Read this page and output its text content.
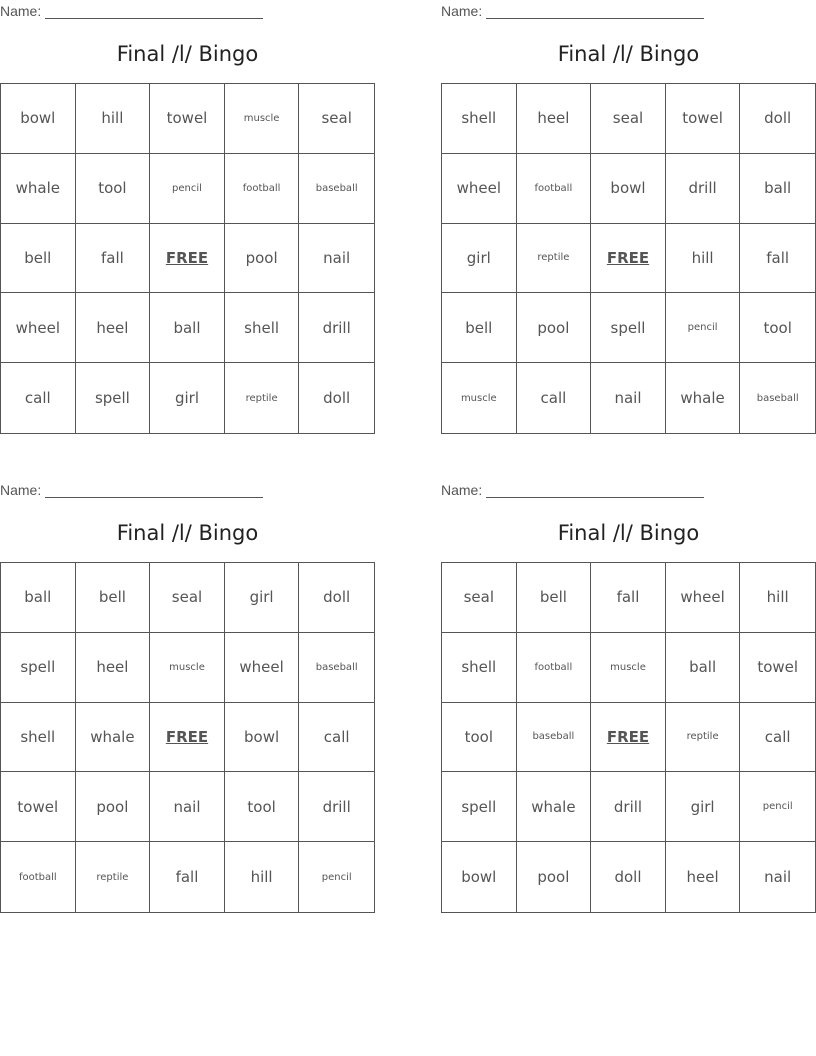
Name:
Final /l/ Bingo
bowl	hill	towel	muscle	seal
whale	tool	pencil	football	baseball
bell	fall	FREE	pool	nail
wheel	heel	ball	shell	drill
call	spell	girl	reptile	doll
Name:
Final /l/ Bingo
shell	heel	seal	towel	doll
wheel	football	bowl	drill	ball
girl	reptile	FREE	hill	fall
bell	pool	spell	pencil	tool
muscle	call	nail	whale	baseball
Name:
Final /l/ Bingo
ball	bell	seal	girl	doll
spell	heel	muscle	wheel	baseball
shell	whale	FREE	bowl	call
towel	pool	nail	tool	drill
football	reptile	fall	hill	pencil
Name:
Final /l/ Bingo
seal	bell	fall	wheel	hill
shell	football	muscle	ball	towel
tool	baseball	FREE	reptile	call
spell	whale	drill	girl	pencil
bowl	pool	doll	heel	nail
